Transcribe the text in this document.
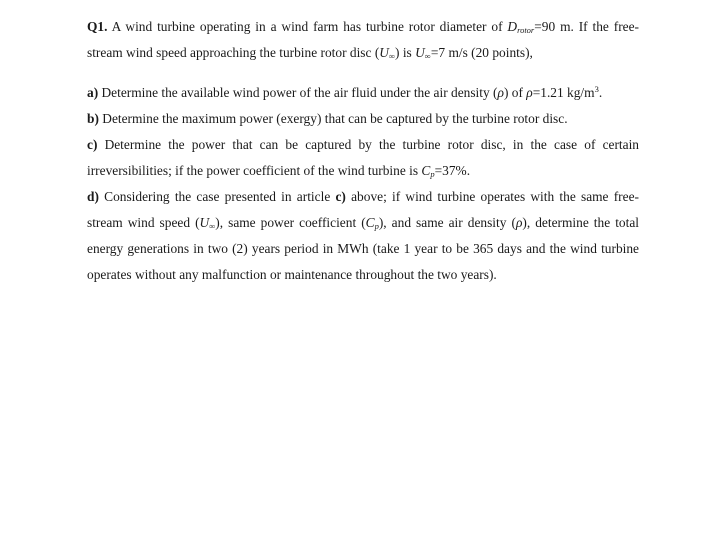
Q1. A wind turbine operating in a wind farm has turbine rotor diameter of $D_{rotor}=90$ m. If the free-stream wind speed approaching the turbine rotor disc $(U_\infty)$ is $U_\infty=7$ m/s (20 points),

a) Determine the available wind power of the air fluid under the air density (ρ) of ρ=1.21 $kg/m^3$.

b) Determine the maximum power (exergy) that can be captured by the turbine rotor disc.

c) Determine the power that can be captured by the turbine rotor disc, in the case of certain irreversibilities; if the power coefficient of the wind turbine is $C_p=37\%$.

d) Considering the case presented in article c) above; if wind turbine operates with the same free-stream wind speed $(U_\infty)$, same power coefficient $(C_p)$, and same air density (ρ), determine the total energy generations in two (2) years period in MWh (take 1 year to be 365 days and the wind turbine operates without any malfunction or maintenance throughout the two years).
